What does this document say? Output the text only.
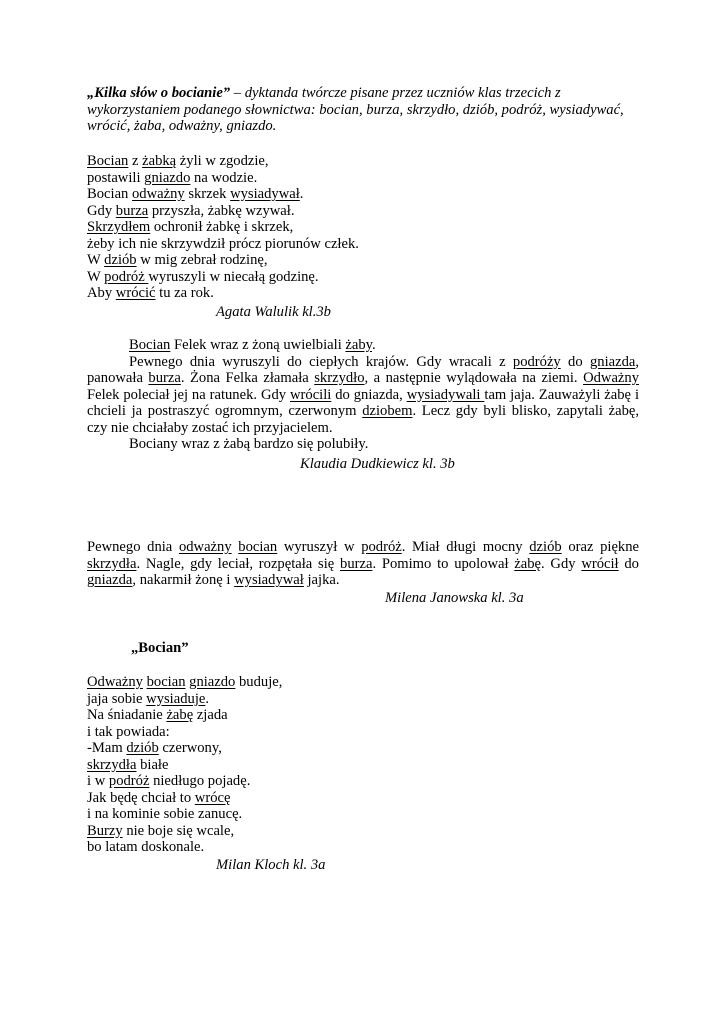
„Kilka słów o bocianie” – dyktanda twórcze pisane przez uczniów klas trzecich z
wykorzystaniem podanego słownictwa: bocian, burza, skrzydło, dziób, podróż, wysiadywać,
wrócić, żaba, odważny, gniazdo.
Bocian z żabką żyli w zgodzie,
postawili gniazdo na wodzie.
Bocian odważny skrzek wysiadywał.
Gdy burza przyszła, żabkę wzywał.
Skrzydłem ochronił żabkę i skrzek,
żeby ich nie skrzywdził prócz piorunów człek.
W dziób w mig zebrał rodzinę,
W podróż wyruszyli w niecałą godzinę.
Aby wrócić tu za rok.
Agata Walulik kl.3b
Bocian Felek wraz z żoną uwielbiali żaby.
Pewnego dnia wyruszyli do ciepłych krajów. Gdy wracali z podróży do gniazda,
panowała burza. Żona Felka złamała skrzydło, a następnie wylądowała na ziemi. Odważny
Felek poleciał jej na ratunek. Gdy wrócili do gniazda, wysiadywali tam jaja. Zauważyli żabę i
chcieli ja postraszyć ogromnym, czerwonym dziobem. Lecz gdy byli blisko, zapytali żabę,
czy nie chciałaby zostać ich przyjacielem.
Bociany wraz z żabą bardzo się polubiły.
Klaudia Dudkiewicz kl. 3b
Pewnego dnia odważny bocian wyruszył w podróż. Miał długi mocny dziób oraz piękne
skrzydła. Nagle, gdy leciał, rozpętała się burza. Pomimo to upolował żabę. Gdy wrócił do
gniazda, nakarmił żonę i wysiadywał jajka.
Milena Janowska kl. 3a
„Bocian”
Odważny bocian gniazdo buduje,
jaja sobie wysiaduje.
Na śniadanie żabę zjada
i tak powiada:
-Mam dziób czerwony,
skrzydła białe
i w podróż niedługo pojadę.
Jak będę chciał to wrócę
i na kominie sobie zanucę.
Burzy nie boje się wcale,
bo latam doskonale.
Milan Kloch kl. 3a
